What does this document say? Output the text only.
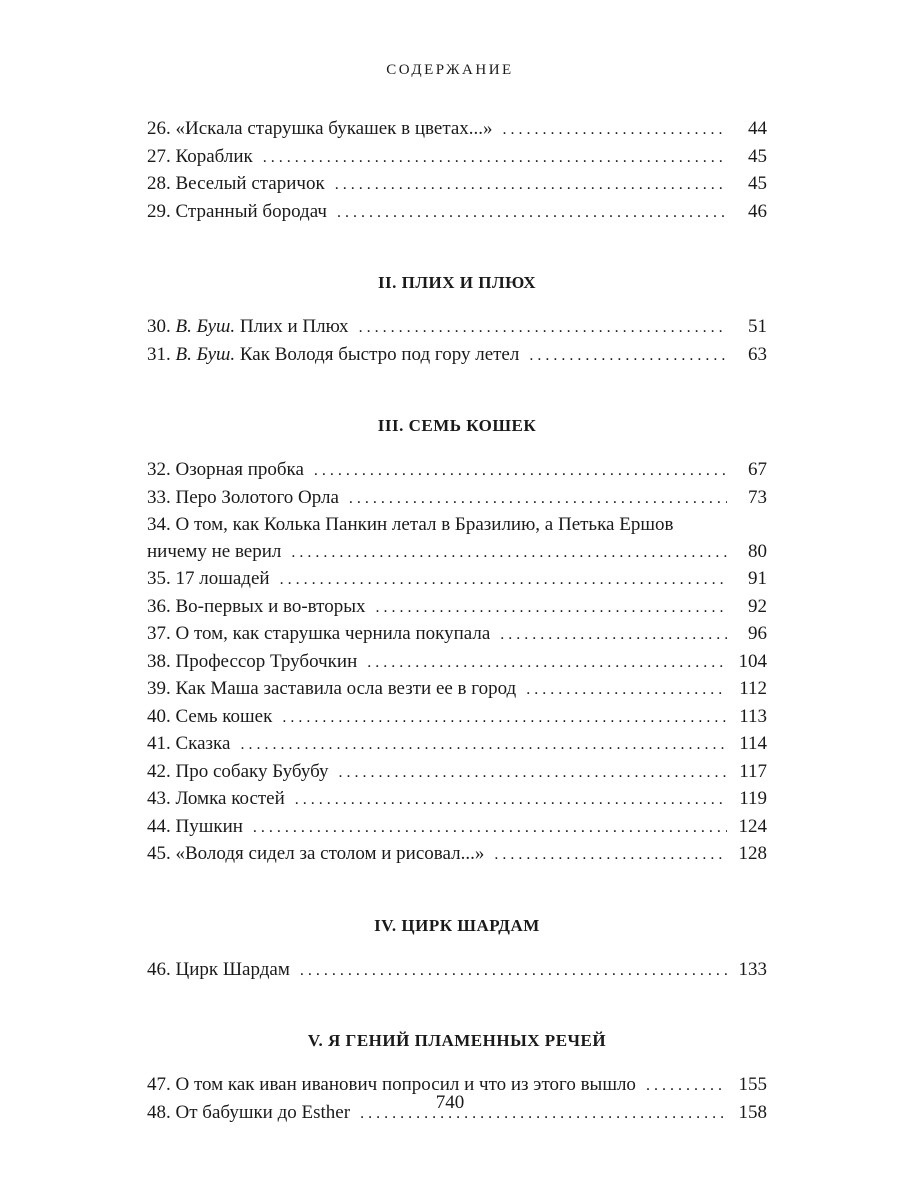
СОДЕРЖАНИЕ
26. «Искала старушка букашек в цветах...» . . .	44
27. Кораблик . . .	45
28. Веселый старичок . . .	45
29. Странный бородач . . .	46
II. ПЛИХ И ПЛЮХ
30. В. Буш. Плих и Плюх . . .	51
31. В. Буш. Как Володя быстро под гору летел . . .	63
III. СЕМЬ КОШЕК
32. Озорная пробка . . .	67
33. Перо Золотого Орла . . .	73
34. О том, как Колька Панкин летал в Бразилию, а Петька Ершов
ничему не верил . . .	80
35. 17 лошадей . . .	91
36. Во-первых и во-вторых . . .	92
37. О том, как старушка чернила покупала . . .	96
38. Профессор Трубочкин . . .	104
39. Как Маша заставила осла везти ее в город . . .	112
40. Семь кошек . . .	113
41. Сказка . . .	114
42. Про собаку Бубубу . . .	117
43. Ломка костей . . .	119
44. Пушкин . . .	124
45. «Володя сидел за столом и рисовал...» . . .	128
IV. ЦИРК ШАРДАМ
46. Цирк Шардам . . .	133
V. Я ГЕНИЙ ПЛАМЕННЫХ РЕЧЕЙ
47. О том как иван иванович попросил и что из этого вышло . . .	155
48. От бабушки до Esther . . .	158
740
